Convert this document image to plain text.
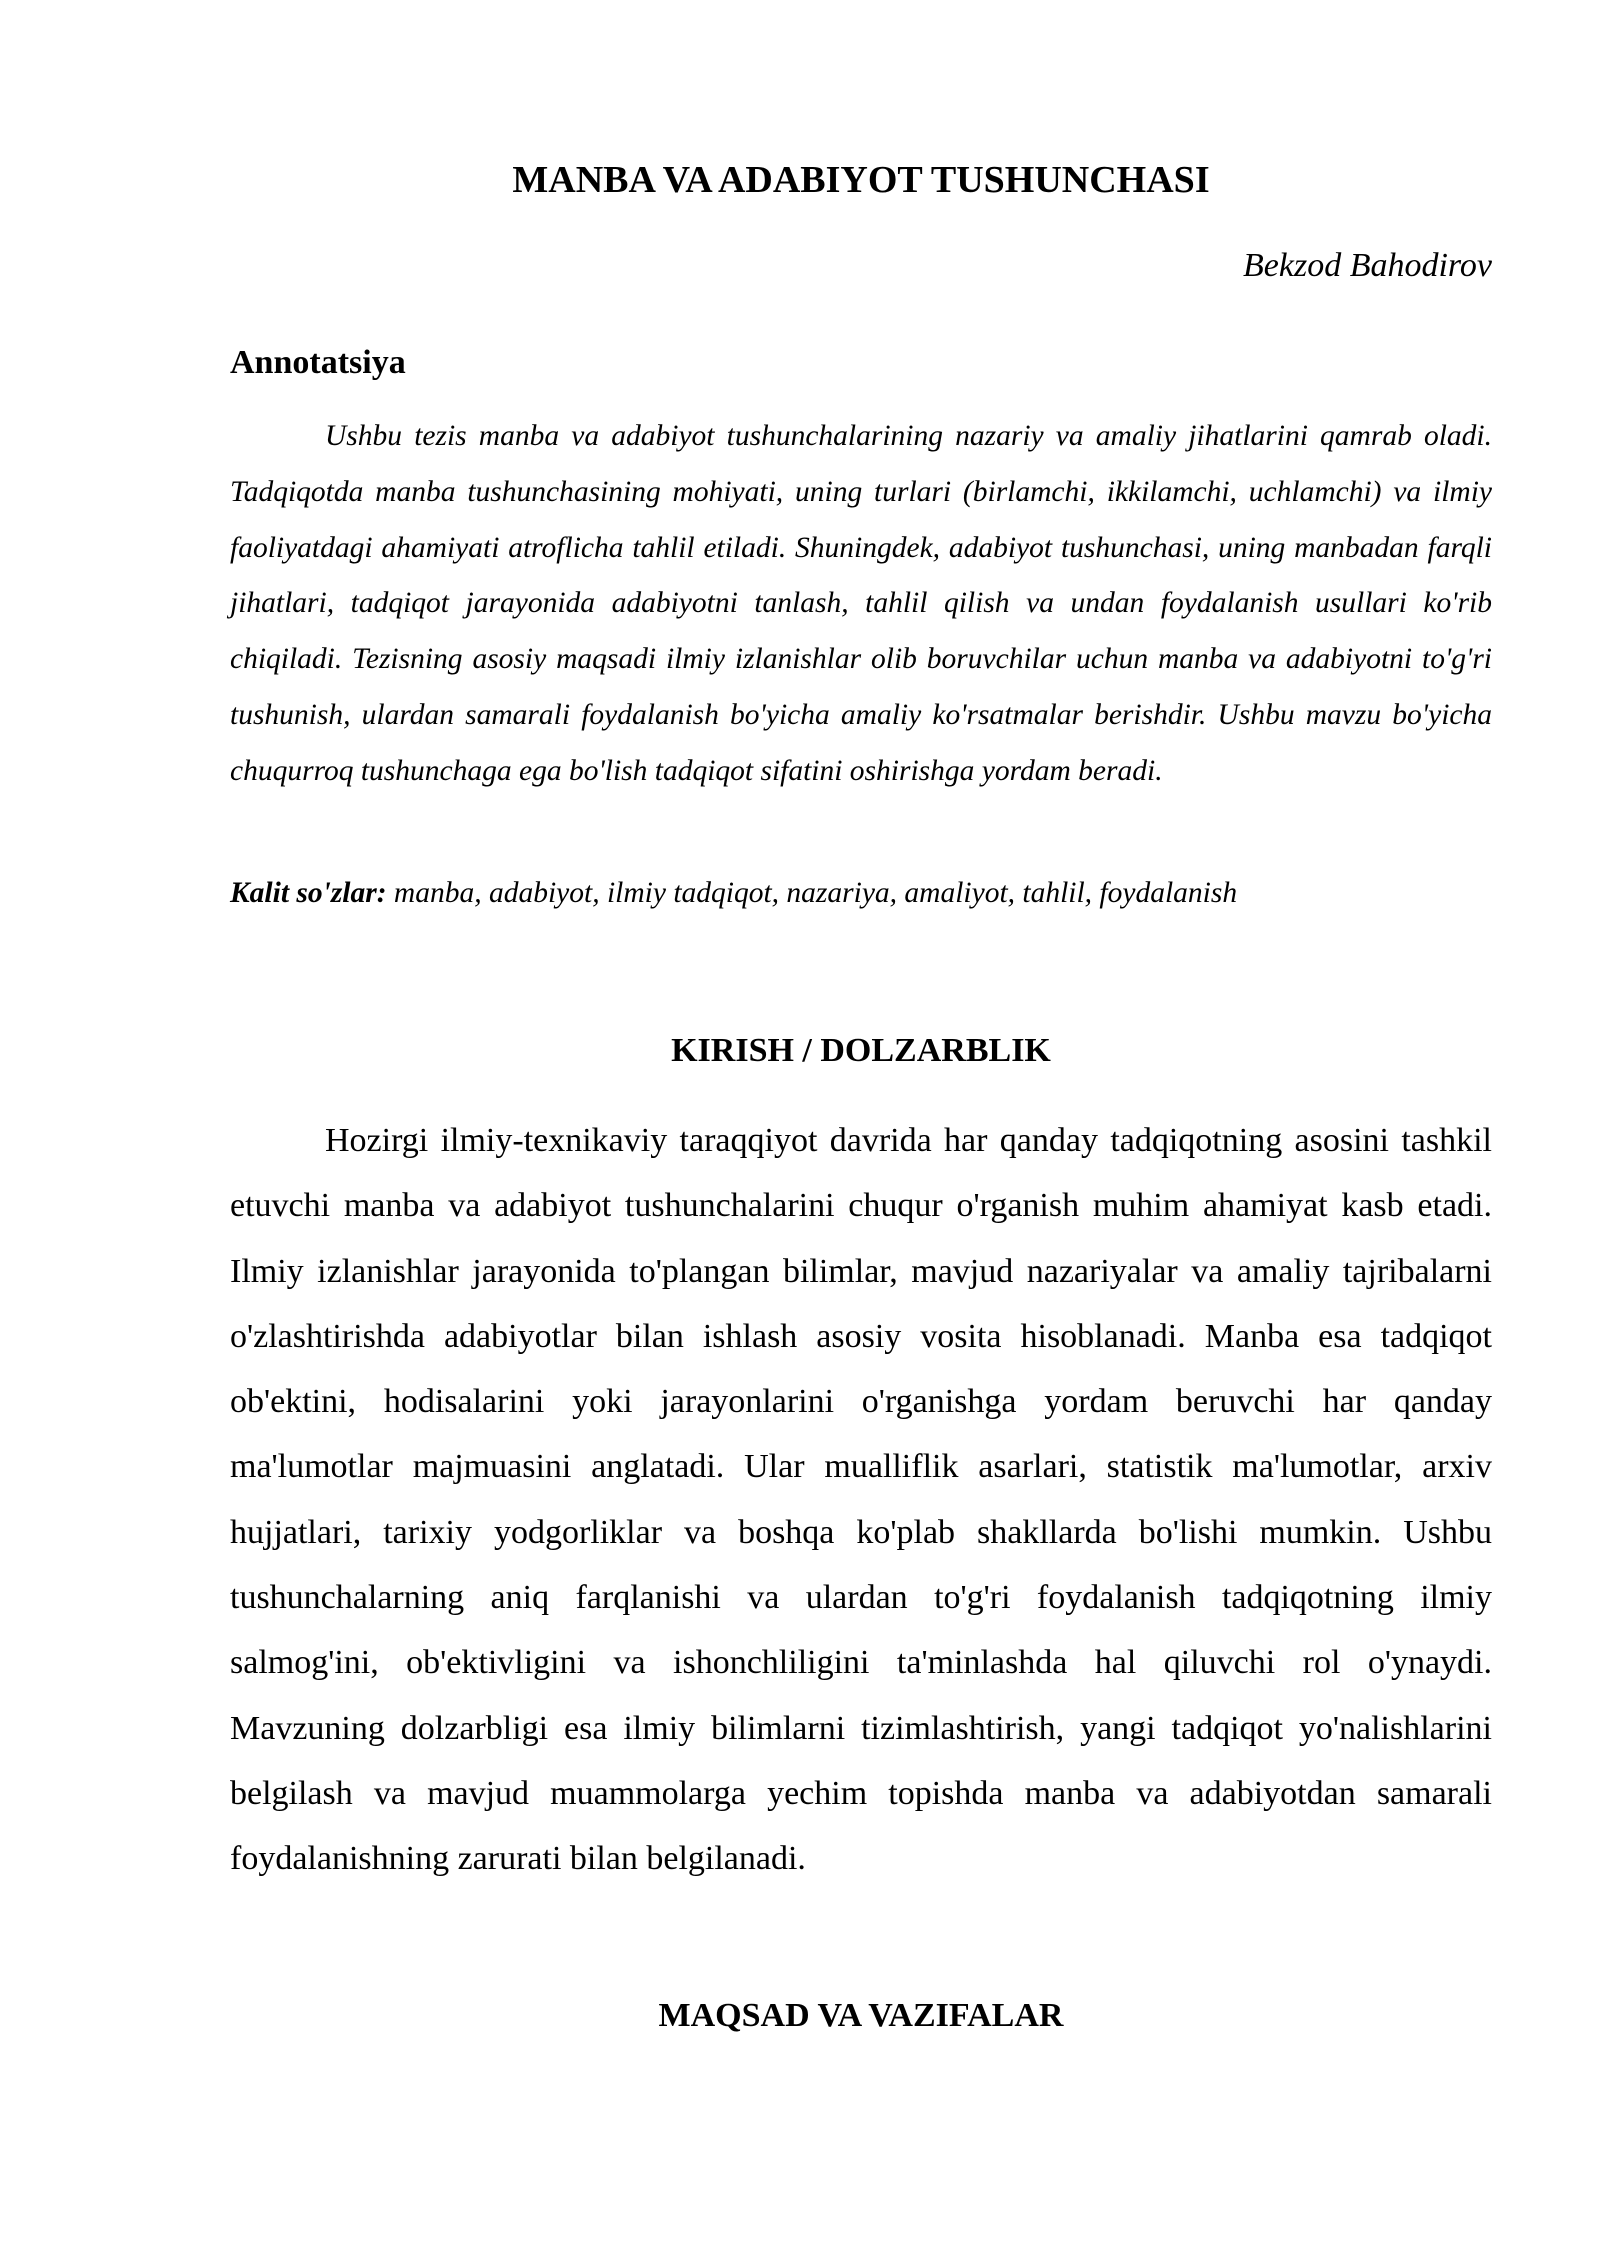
MANBA VA ADABIYOT TUSHUNCHASI

Bekzod Bahodirov

Annotatsiya

Ushbu tezis manba va adabiyot tushunchalarining nazariy va amaliy jihatlarini qamrab oladi. Tadqiqotda manba tushunchasining mohiyati, uning turlari (birlamchi, ikkilamchi, uchlamchi) va ilmiy faoliyatdagi ahamiyati atroflicha tahlil etiladi. Shuningdek, adabiyot tushunchasi, uning manbadan farqli jihatlari, tadqiqot jarayonida adabiyotni tanlash, tahlil qilish va undan foydalanish usullari ko'rib chiqiladi. Tezisning asosiy maqsadi ilmiy izlanishlar olib boruvchilar uchun manba va adabiyotni to'g'ri tushunish, ulardan samarali foydalanish bo'yicha amaliy ko'rsatmalar berishdir. Ushbu mavzu bo'yicha chuqurroq tushunchaga ega bo'lish tadqiqot sifatini oshirishga yordam beradi.

Kalit so'zlar: manba, adabiyot, ilmiy tadqiqot, nazariya, amaliyot, tahlil, foydalanish

KIRISH / DOLZARBLIK

Hozirgi ilmiy-texnikaviy taraqqiyot davrida har qanday tadqiqotning asosini tashkil etuvchi manba va adabiyot tushunchalarini chuqur o'rganish muhim ahamiyat kasb etadi. Ilmiy izlanishlar jarayonida to'plangan bilimlar, mavjud nazariyalar va amaliy tajribalarni o'zlashtirishda adabiyotlar bilan ishlash asosiy vosita hisoblanadi. Manba esa tadqiqot ob'ektini, hodisalarini yoki jarayonlarini o'rganishga yordam beruvchi har qanday ma'lumotlar majmuasini anglatadi. Ular mualliflik asarlari, statistik ma'lumotlar, arxiv hujjatlari, tarixiy yodgorliklar va boshqa ko'plab shakllarda bo'lishi mumkin. Ushbu tushunchalarning aniq farqlanishi va ulardan to'g'ri foydalanish tadqiqotning ilmiy salmog'ini, ob'ektivligini va ishonchliligini ta'minlashda hal qiluvchi rol o'ynaydi. Mavzuning dolzarbligi esa ilmiy bilimlarni tizimlashtirish, yangi tadqiqot yo'nalishlarini belgilash va mavjud muammolarga yechim topishda manba va adabiyotdan samarali foydalanishning zarurati bilan belgilanadi.

MAQSAD VA VAZIFALAR
